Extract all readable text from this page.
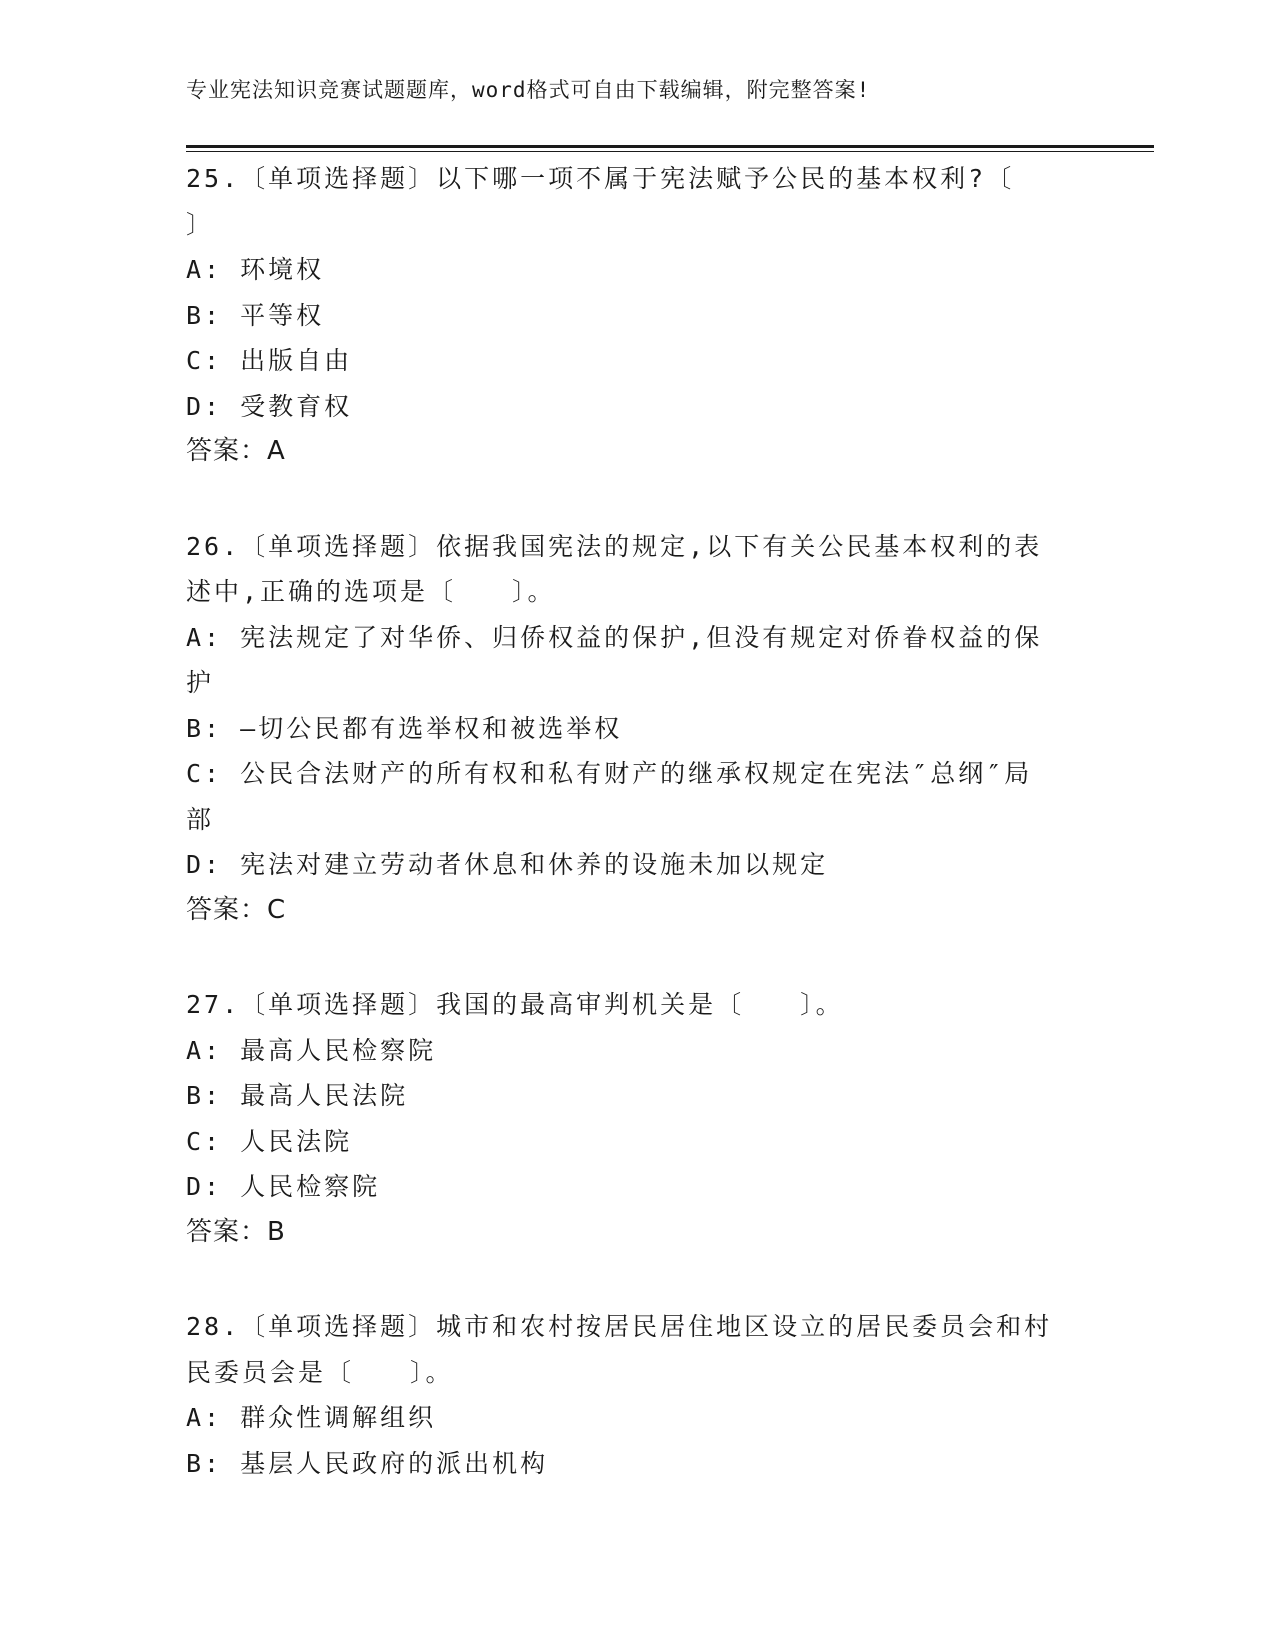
专业宪法知识竞赛试题题库，word格式可自由下载编辑，附完整答案!
25.〔单项选择题〕以下哪一项不属于宪法赋予公民的基本权利?〔
〕
A: 环境权
B: 平等权
C: 出版自由
D: 受教育权
答案：A
26.〔单项选择题〕依据我国宪法的规定,以下有关公民基本权利的表
述中,正确的选项是〔　　〕。
A: 宪法规定了对华侨、归侨权益的保护,但没有规定对侨眷权益的保
护
B: —切公民都有选举权和被选举权
C: 公民合法财产的所有权和私有财产的继承权规定在宪法″总纲″局
部
D: 宪法对建立劳动者休息和休养的设施未加以规定
答案：C
27.〔单项选择题〕我国的最高审判机关是〔　　〕。
A: 最高人民检察院
B: 最高人民法院
C: 人民法院
D: 人民检察院
答案：B
28.〔单项选择题〕城市和农村按居民居住地区设立的居民委员会和村
民委员会是〔　　〕。
A: 群众性调解组织
B: 基层人民政府的派出机构
